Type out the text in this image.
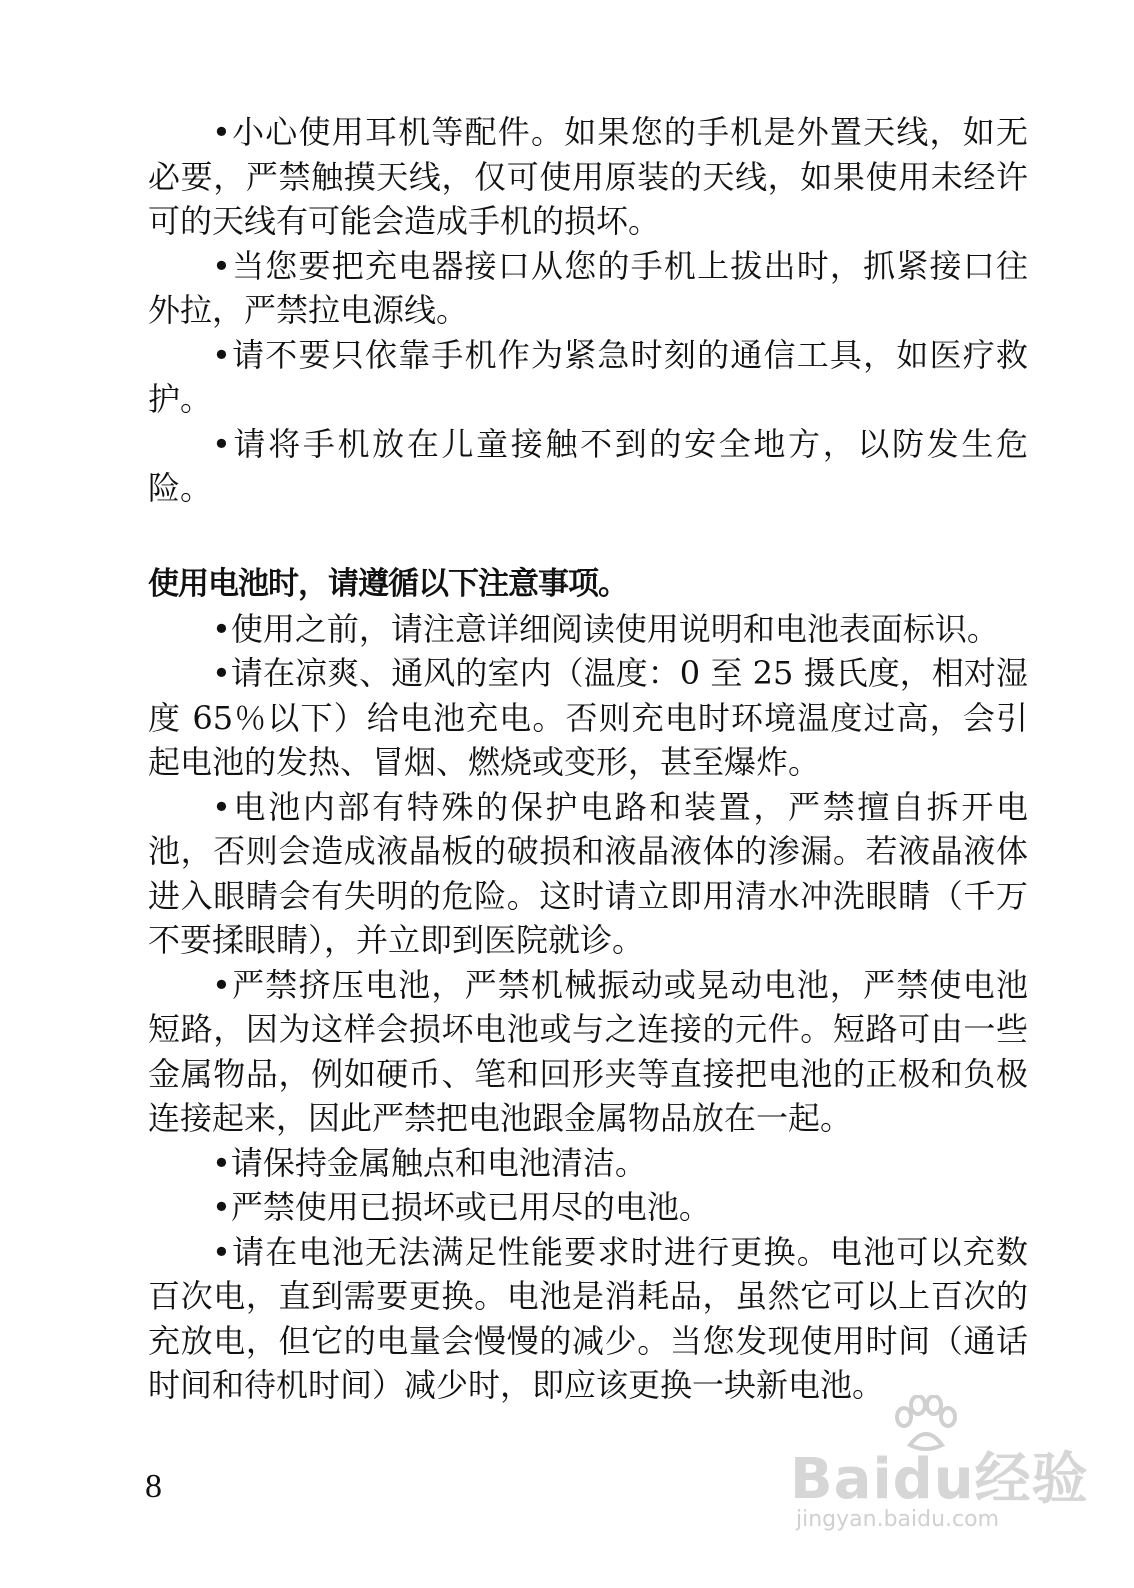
•小心使用耳机等配件。如果您的手机是外置天线，如无必要，严禁触摸天线，仅可使用原装的天线，如果使用未经许可的天线有可能会造成手机的损坏。

•当您要把充电器接口从您的手机上拔出时，抓紧接口往外拉，严禁拉电源线。

•请不要只依靠手机作为紧急时刻的通信工具，如医疗救护。

•请将手机放在儿童接触不到的安全地方，以防发生危险。

使用电池时，请遵循以下注意事项。

•使用之前，请注意详细阅读使用说明和电池表面标识。

•请在凉爽、通风的室内（温度：0 至 25 摄氏度，相对湿度 65％以下）给电池充电。否则充电时环境温度过高，会引起电池的发热、冒烟、燃烧或变形，甚至爆炸。

•电池内部有特殊的保护电路和装置，严禁擅自拆开电池，否则会造成液晶板的破损和液晶液体的渗漏。若液晶液体进入眼睛会有失明的危险。这时请立即用清水冲洗眼睛（千万不要揉眼睛），并立即到医院就诊。

•严禁挤压电池，严禁机械振动或晃动电池，严禁使电池短路，因为这样会损坏电池或与之连接的元件。短路可由一些金属物品，例如硬币、笔和回形夹等直接把电池的正极和负极连接起来，因此严禁把电池跟金属物品放在一起。

•请保持金属触点和电池清洁。

•严禁使用已损坏或已用尽的电池。

•请在电池无法满足性能要求时进行更换。电池可以充数百次电，直到需要更换。电池是消耗品，虽然它可以上百次的充放电，但它的电量会慢慢的减少。当您发现使用时间（通话时间和待机时间）减少时，即应该更换一块新电池。

8	Baidu经验
jingyan.baidu.com
